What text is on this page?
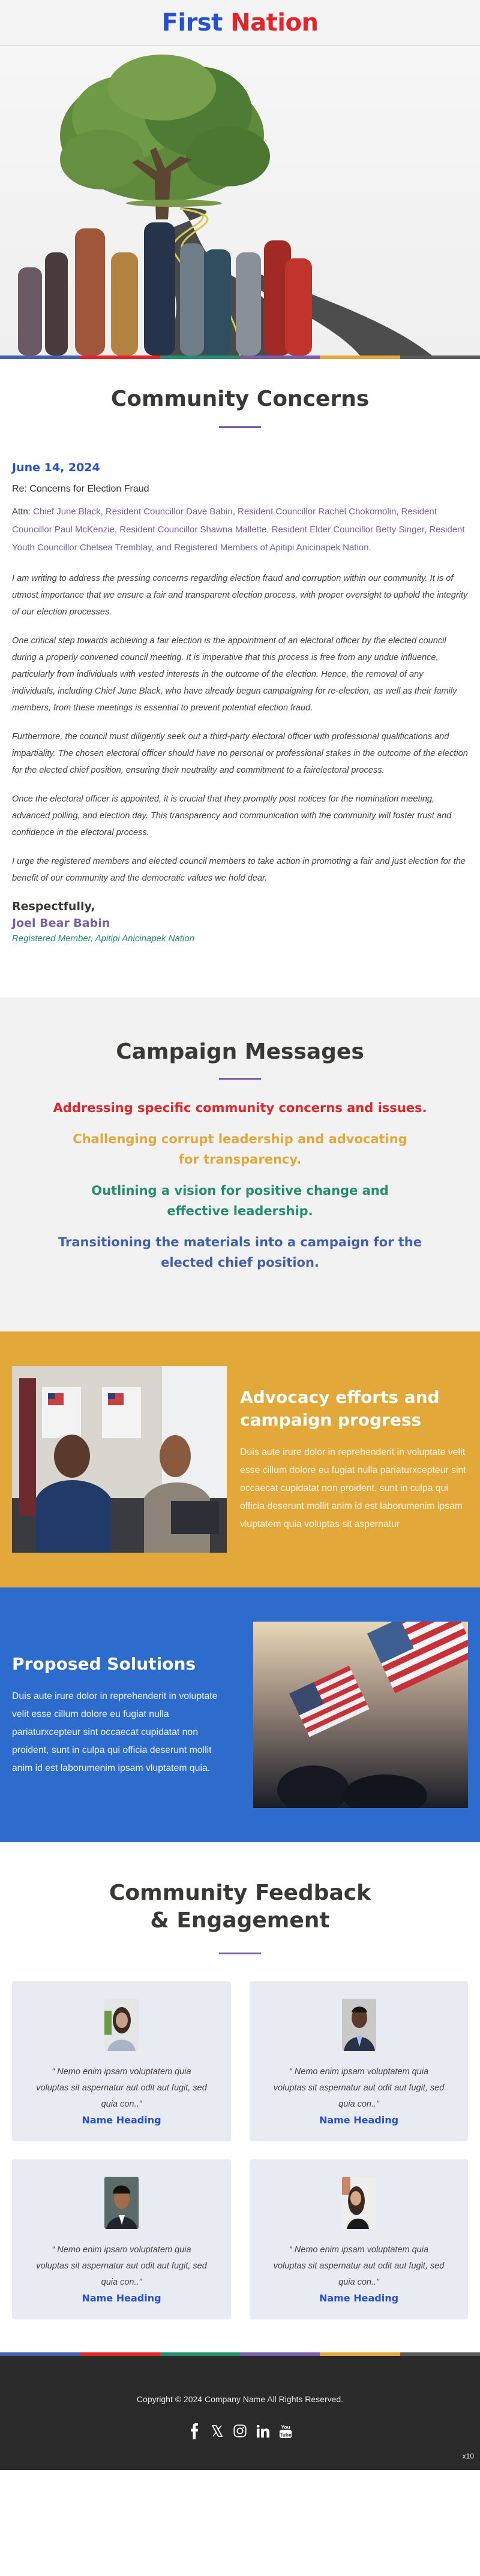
First Nation
Community Concerns
June 14, 2024
Re: Concerns for Election Fraud
Attn: Chief June Black, Resident Councillor Dave Babin, Resident Councillor Rachel Chokomolin, Resident Councillor Paul McKenzie, Resident Councillor Shawna Mallette, Resident Elder Councillor Betty Singer, Resident Youth Councillor Chelsea Tremblay, and Registered Members of Apitipi Anicinapek Nation.

I am writing to address the pressing concerns regarding election fraud and corruption within our community. It is of utmost importance that we ensure a fair and transparent election process, with proper oversight to uphold the integrity of our election processes.

One critical step towards achieving a fair election is the appointment of an electoral officer by the elected council during a properly convened council meeting. It is imperative that this process is free from any undue influence, particularly from individuals with vested interests in the outcome of the election. Hence, the removal of any individuals, including Chief June Black, who have already begun campaigning for re-election, as well as their family members, from these meetings is essential to prevent potential election fraud.

Furthermore, the council must diligently seek out a third-party electoral officer with professional qualifications and impartiality. The chosen electoral officer should have no personal or professional stakes in the outcome of the election for the elected chief position, ensuring their neutrality and commitment to a fairelectoral process.

Once the electoral officer is appointed, it is crucial that they promptly post notices for the nomination meeting, advanced polling, and election day. This transparency and communication with the community will foster trust and confidence in the electoral process.

I urge the registered members and elected council members to take action in promoting a fair and just election for the benefit of our community and the democratic values we hold dear.

Respectfully,
Joel Bear Babin
Registered Member, Apitipi Anicinapek Nation
Campaign Messages
Addressing specific community concerns and issues.
Challenging corrupt leadership and advocating for transparency.
Outlining a vision for positive change and effective leadership.
Transitioning the materials into a campaign for the elected chief position.
Advocacy efforts and campaign progress

Duis aute irure dolor in reprehenderit in voluptate velit esse cillum dolore eu fugiat nulla pariaturxcepteur sint occaecat cupidatat non proident, sunt in culpa qui officia deserunt mollit anim id est laborumenim ipsam vluptatem quia voluptas sit aspernatur

Proposed Solutions

Duis aute irure dolor in reprehenderit in voluptate velit esse cillum dolore eu fugiat nulla pariaturxcepteur sint occaecat cupidatat non proident, sunt in culpa qui officia deserunt mollit anim id est laborumenim ipsam vluptatem quia.

Community Feedback & Engagement

“ Nemo enim ipsam voluptatem quia voluptas sit aspernatur aut odit aut fugit, sed quia con..”

Name Heading

“ Nemo enim ipsam voluptatem quia voluptas sit aspernatur aut odit aut fugit, sed quia con..”

Name Heading

“ Nemo enim ipsam voluptatem quia voluptas sit aspernatur aut odit aut fugit, sed quia con..”

Name Heading

“ Nemo enim ipsam voluptatem quia voluptas sit aspernatur aut odit aut fugit, sed quia con..”

Name Heading
Copyright © 2024 Company Name All Rights Reserved.
You
Tube
x10
